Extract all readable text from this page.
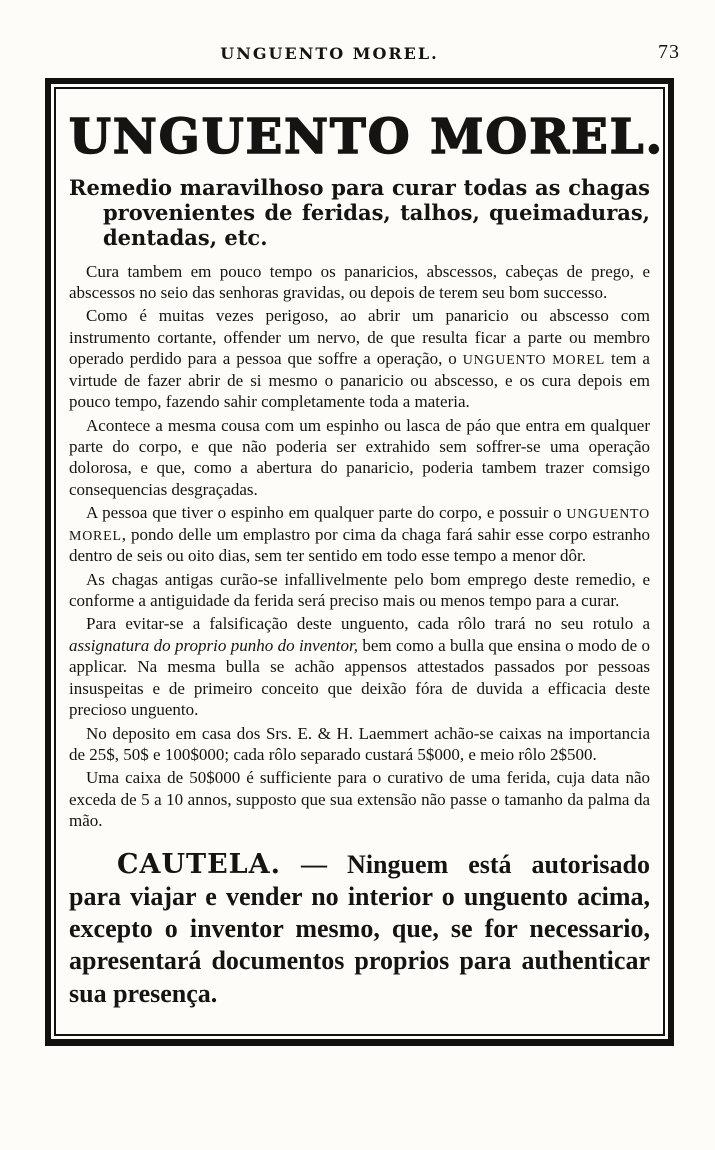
UNGUENTO MOREL.	73
UNGUENTO MOREL.

Remedio maravilhoso para curar todas as chagas provenientes de feridas, talhos, queimaduras, dentadas, etc.

Cura tambem em pouco tempo os panaricios, abscessos, cabeças de prego, e abscessos no seio das senhoras gravidas, ou depois de terem seu bom successo.

Como é muitas vezes perigoso, ao abrir um panaricio ou abscesso com instrumento cortante, offender um nervo, de que resulta ficar a parte ou membro operado perdido para a pessoa que soffre a operação, o UNGUENTO MOREL tem a virtude de fazer abrir de si mesmo o panaricio ou abscesso, e os cura depois em pouco tempo, fazendo sahir completamente toda a materia.

Acontece a mesma cousa com um espinho ou lasca de páo que entra em qualquer parte do corpo, e que não poderia ser extrahido sem soffrer-se uma operação dolorosa, e que, como a abertura do panaricio, poderia tambem trazer comsigo consequencias desgraçadas.

A pessoa que tiver o espinho em qualquer parte do corpo, e possuir o UNGUENTO MOREL, pondo delle um emplastro por cima da chaga fará sahir esse corpo estranho dentro de seis ou oito dias, sem ter sentido em todo esse tempo a menor dôr.

As chagas antigas curão-se infallivelmente pelo bom emprego deste remedio, e conforme a antiguidade da ferida será preciso mais ou menos tempo para a curar.

Para evitar-se a falsificação deste unguento, cada rôlo trará no seu rotulo a assignatura do proprio punho do inventor, bem como a bulla que ensina o modo de o applicar. Na mesma bulla se achão appensos attestados passados por pessoas insuspeitas e de primeiro conceito que deixão fóra de duvida a efficacia deste precioso unguento.

No deposito em casa dos Srs. E. & H. Laemmert achão-se caixas na importancia de 25$, 50$ e 100$000; cada rôlo separado custará 5$000, e meio rôlo 2$500.

Uma caixa de 50$000 é sufficiente para o curativo de uma ferida, cuja data não exceda de 5 a 10 annos, supposto que sua extensão não passe o tamanho da palma da mão.

CAUTELA. — Ninguem está autorisado para viajar e vender no interior o unguento acima, excepto o inventor mesmo, que, se for necessario, apresentará documentos proprios para authenticar sua presença.
